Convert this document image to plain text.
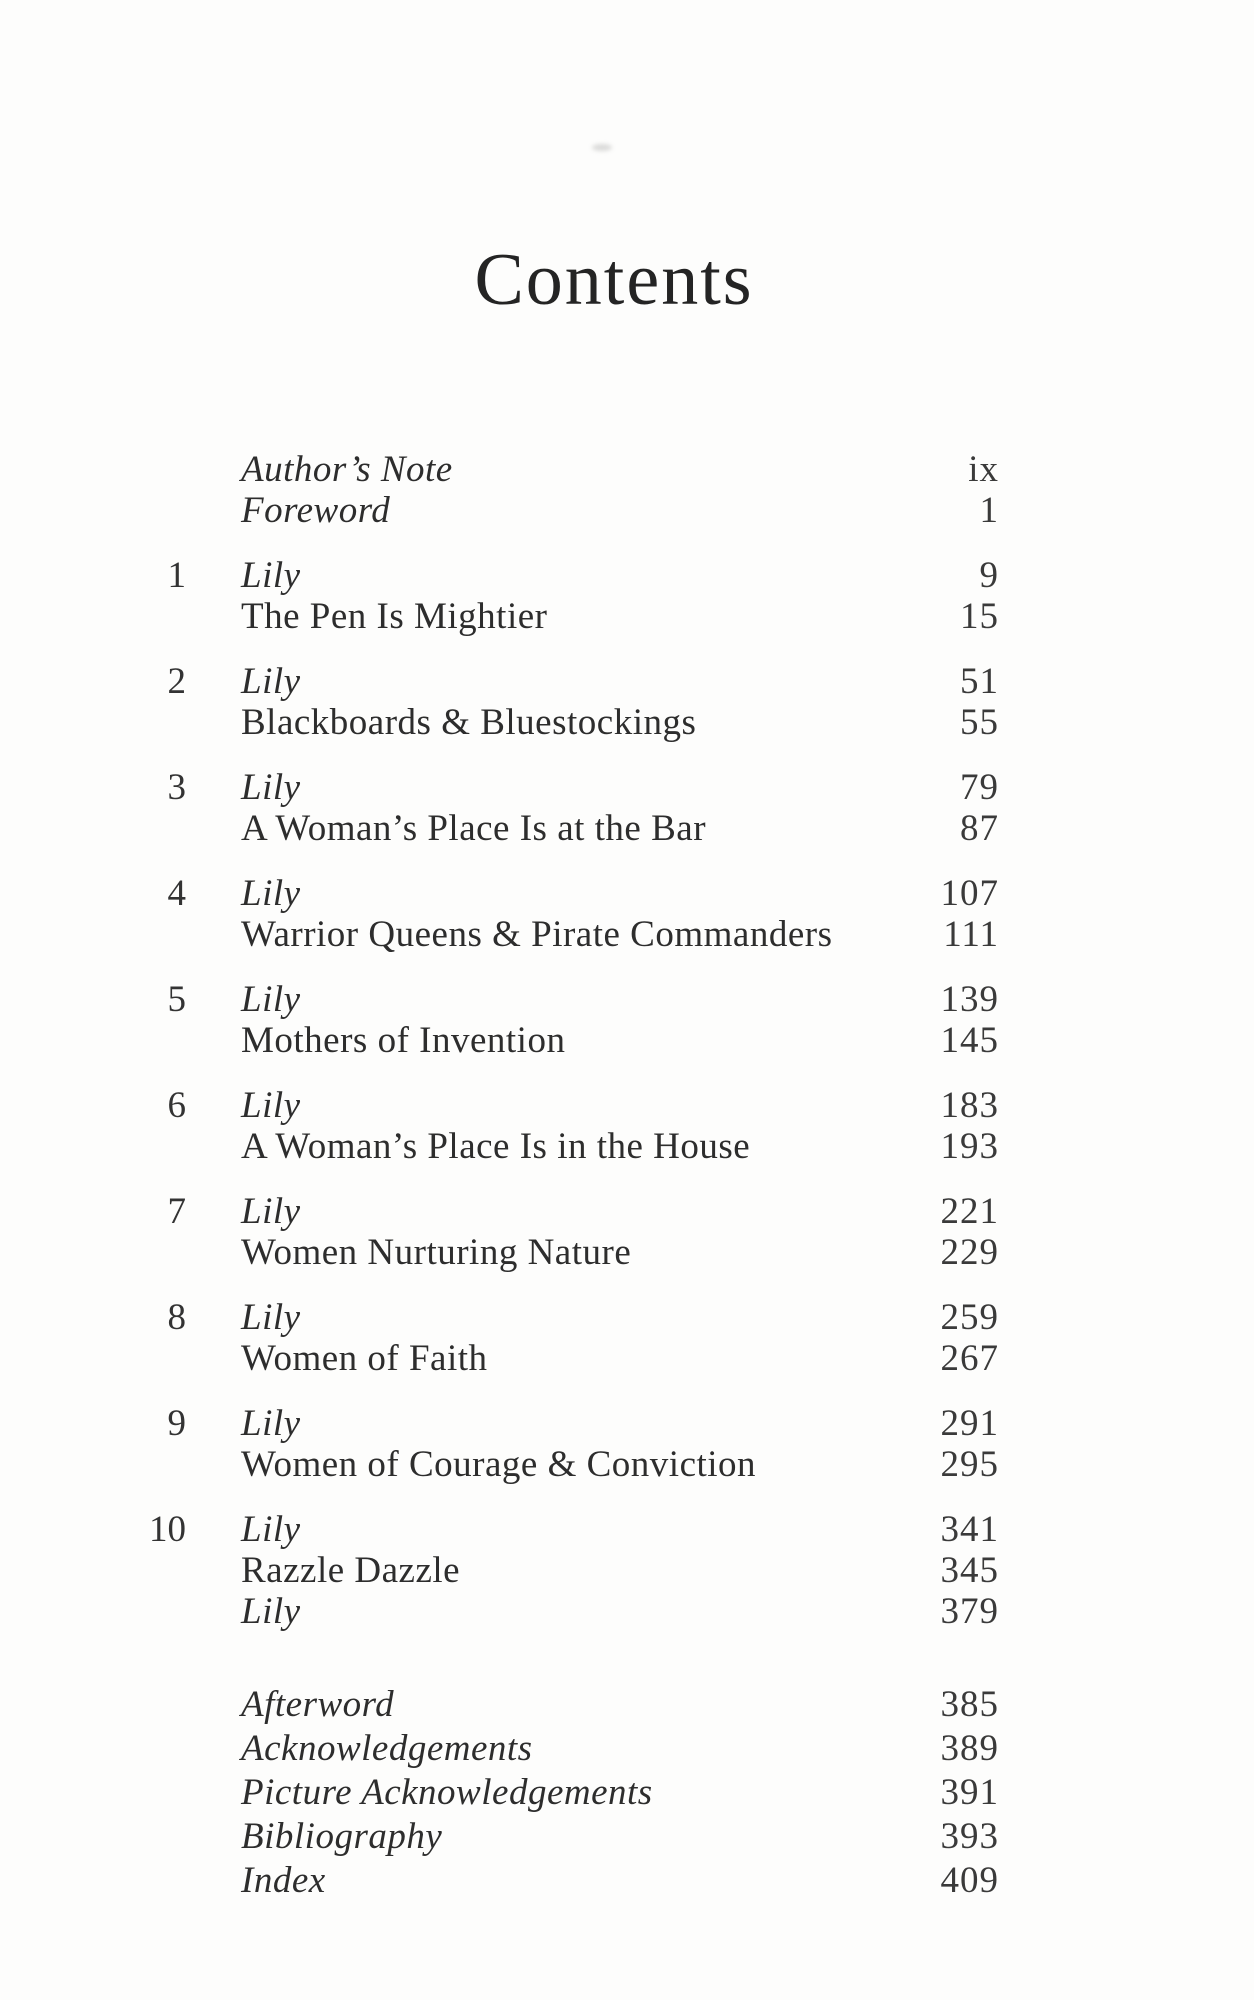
Contents
Author’s Note	ix
Foreword	1
1 Lily	9
The Pen Is Mightier	15
2 Lily	51
Blackboards & Bluestockings	55
3 Lily	79
A Woman’s Place Is at the Bar	87
4 Lily	107
Warrior Queens & Pirate Commanders	111
5 Lily	139
Mothers of Invention	145
6 Lily	183
A Woman’s Place Is in the House	193
7 Lily	221
Women Nurturing Nature	229
8 Lily	259
Women of Faith	267
9 Lily	291
Women of Courage & Conviction	295
10 Lily	341
Razzle Dazzle	345
Lily	379
Afterword	385
Acknowledgements	389
Picture Acknowledgements	391
Bibliography	393
Index	409
